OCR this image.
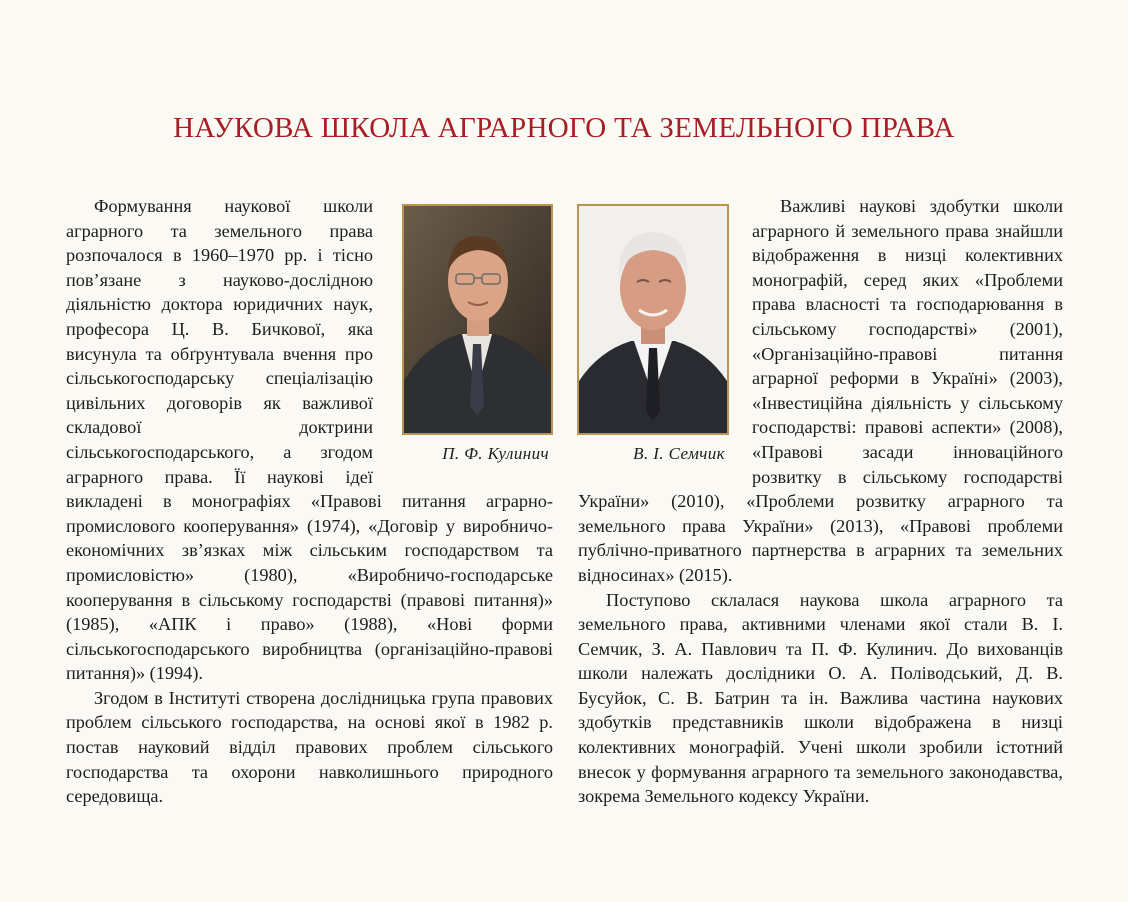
НАУКОВА ШКОЛА АГРАРНОГО ТА ЗЕМЕЛЬНОГО ПРАВА
П. Ф. Кулинич	В. І. Семчик

Формування наукової школи аграрного та земельного права розпочалося в 1960–1970 рр. і тісно пов’язане з науково-дослідною діяльністю доктора юридичних наук, професора Ц. В. Бичкової, яка висунула та обґрунтувала вчення про сільськогосподарську спеціалізацію цивільних договорів як важливої складової доктрини сільськогосподарського, а згодом аграрного права. Її наукові ідеї викладені в монографіях «Правові питання аграрно-промислового кооперування» (1974), «Договір у виробничо-економічних зв’язках між сільським господарством та промисловістю» (1980), «Виробничо-господарське кооперування в сільському господарстві (правові питання)» (1985), «АПК і право» (1988), «Нові форми сільськогосподарського виробництва (організаційно-правові питання)» (1994).

Згодом в Інституті створена дослідницька група правових проблем сільського господарства, на основі якої в 1982 р. постав науковий відділ правових проблем сільського господарства та охорони навколишнього природного середовища.

Важливі наукові здобутки школи аграрного й земельного права знайшли відображення в низці колективних монографій, серед яких «Проблеми права власності та господарювання в сільському господарстві» (2001), «Організаційно-правові питання аграрної реформи в Україні» (2003), «Інвестиційна діяльність у сільському господарстві: правові аспекти» (2008), «Правові засади інноваційного розвитку в сільському господарстві України» (2010), «Проблеми розвитку аграрного та земельного права України» (2013), «Правові проблеми публічно-приватного партнерства в аграрних та земельних відносинах» (2015).

Поступово склалася наукова школа аграрного та земельного права, активними членами якої стали В. І. Семчик, З. А. Павлович та П. Ф. Кулинич. До вихованців школи належать дослідники О. А. Поліводський, Д. В. Бусуйок, С. В. Батрин та ін. Важлива частина наукових здобутків представників школи відображена в низці колективних монографій. Учені школи зробили істотний внесок у формування аграрного та земельного законодавства, зокрема Земельного кодексу України.
